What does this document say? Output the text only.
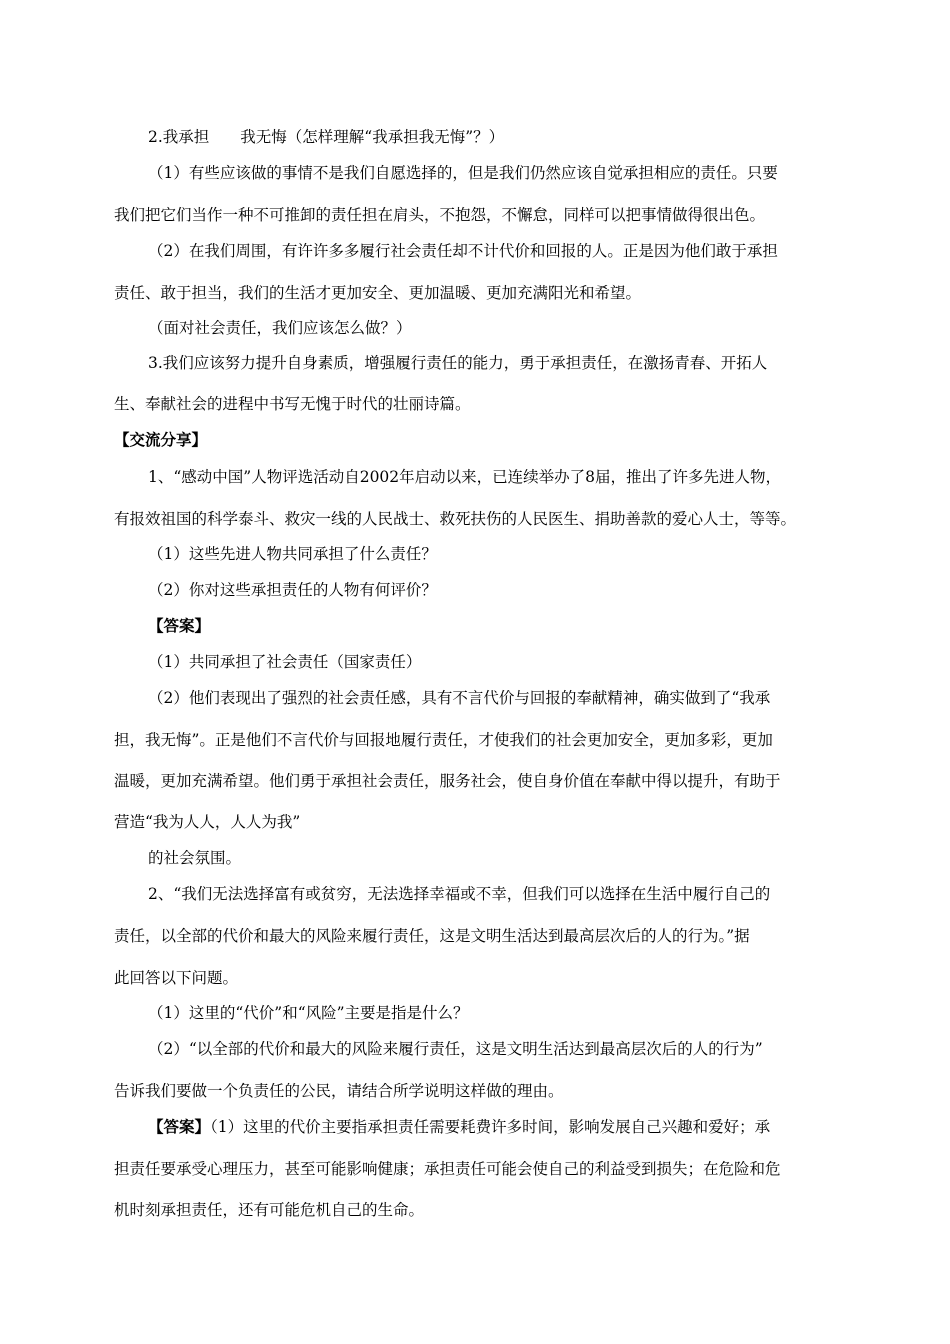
2.我承担　　我无悔（怎样理解“我承担我无悔”？）
（1）有些应该做的事情不是我们自愿选择的，但是我们仍然应该自觉承担相应的责任。只要
我们把它们当作一种不可推卸的责任担在肩头，不抱怨，不懈怠，同样可以把事情做得很出色。
（2）在我们周围，有许许多多履行社会责任却不计代价和回报的人。正是因为他们敢于承担
责任、敢于担当，我们的生活才更加安全、更加温暖、更加充满阳光和希望。
（面对社会责任，我们应该怎么做？）
3.我们应该努力提升自身素质，增强履行责任的能力，勇于承担责任，在激扬青春、开拓人
生、奉献社会的进程中书写无愧于时代的壮丽诗篇。
【交流分享】
1、“感动中国”人物评选活动自2002年启动以来，已连续举办了8届，推出了许多先进人物，
有报效祖国的科学泰斗、救灾一线的人民战士、救死扶伤的人民医生、捐助善款的爱心人士，等等。
（1）这些先进人物共同承担了什么责任？
（2）你对这些承担责任的人物有何评价？
【答案】
（1）共同承担了社会责任（国家责任）
（2）他们表现出了强烈的社会责任感，具有不言代价与回报的奉献精神，确实做到了“我承
担，我无悔”。正是他们不言代价与回报地履行责任，才使我们的社会更加安全，更加多彩，更加
温暖，更加充满希望。他们勇于承担社会责任，服务社会，使自身价值在奉献中得以提升，有助于
营造“我为人人，人人为我”
的社会氛围。
2、“我们无法选择富有或贫穷，无法选择幸福或不幸，但我们可以选择在生活中履行自己的
责任，以全部的代价和最大的风险来履行责任，这是文明生活达到最高层次后的人的行为。”据
此回答以下问题。
（1）这里的“代价”和“风险”主要是指是什么？
（2）“以全部的代价和最大的风险来履行责任，这是文明生活达到最高层次后的人的行为”
告诉我们要做一个负责任的公民，请结合所学说明这样做的理由。
【答案】（1）这里的代价主要指承担责任需要耗费许多时间，影响发展自己兴趣和爱好；承
担责任要承受心理压力，甚至可能影响健康；承担责任可能会使自己的利益受到损失；在危险和危
机时刻承担责任，还有可能危机自己的生命。
